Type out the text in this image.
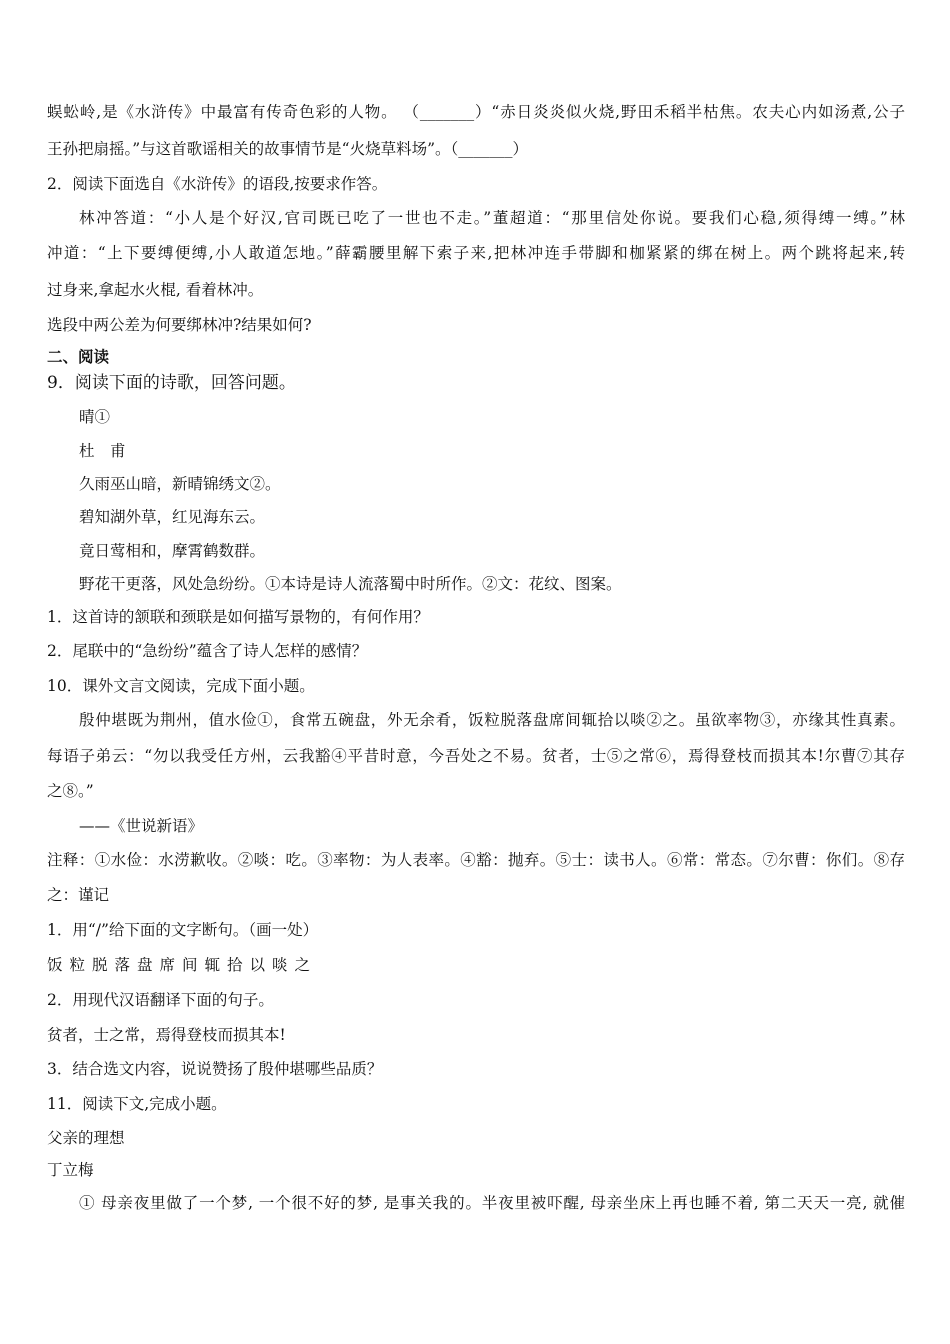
蜈蚣岭,是《水浒传》中最富有传奇色彩的人物。 （_______）“赤日炎炎似火烧,野田禾稻半枯焦。农夫心内如汤煮,公子
王孙把扇摇。”与这首歌谣相关的故事情节是“火烧草料场”。（_______）
2．阅读下面选自《水浒传》的语段,按要求作答。
林冲答道：“小人是个好汉,官司既已吃了一世也不走。”董超道：“那里信处你说。要我们心稳,须得缚一缚。”林
冲道：“上下要缚便缚,小人敢道怎地。”薛霸腰里解下索子来,把林冲连手带脚和枷紧紧的绑在树上。两个跳将起来,转
过身来,拿起水火棍, 看着林冲。
选段中两公差为何要绑林冲?结果如何?
二、阅读
9．阅读下面的诗歌，回答问题。
晴①
杜　甫
久雨巫山暗，新晴锦绣文②。
碧知湖外草，红见海东云。
竟日莺相和，摩霄鹤数群。
野花干更落，风处急纷纷。①本诗是诗人流落蜀中时所作。②文：花纹、图案。
1．这首诗的颔联和颈联是如何描写景物的，有何作用？
2．尾联中的“急纷纷”蕴含了诗人怎样的感情？
10．课外文言文阅读，完成下面小题。
殷仲堪既为荆州，值水俭①，食常五碗盘，外无余肴，饭粒脱落盘席间辄拾以啖②之。虽欲率物③，亦缘其性真素。
每语子弟云：“勿以我受任方州，云我豁④平昔时意，今吾处之不易。贫者，士⑤之常⑥，焉得登枝而损其本!尔曹⑦其存
之⑧。”
——《世说新语》
注释：①水俭：水涝歉收。②啖：吃。③率物：为人表率。④豁：抛弃。⑤士：读书人。⑥常：常态。⑦尔曹：你们。⑧存
之：谨记
1．用“/”给下面的文字断句。（画一处）
饭粒脱落盘席间辄拾以啖之
2．用现代汉语翻译下面的句子。
贫者，士之常，焉得登枝而损其本!
3．结合选文内容，说说赞扬了殷仲堪哪些品质？
11．阅读下文,完成小题。
父亲的理想
丁立梅
① 母亲夜里做了一个梦, 一个很不好的梦, 是事关我的。半夜里被吓醒, 母亲坐床上再也睡不着, 第二天天一亮, 就催
